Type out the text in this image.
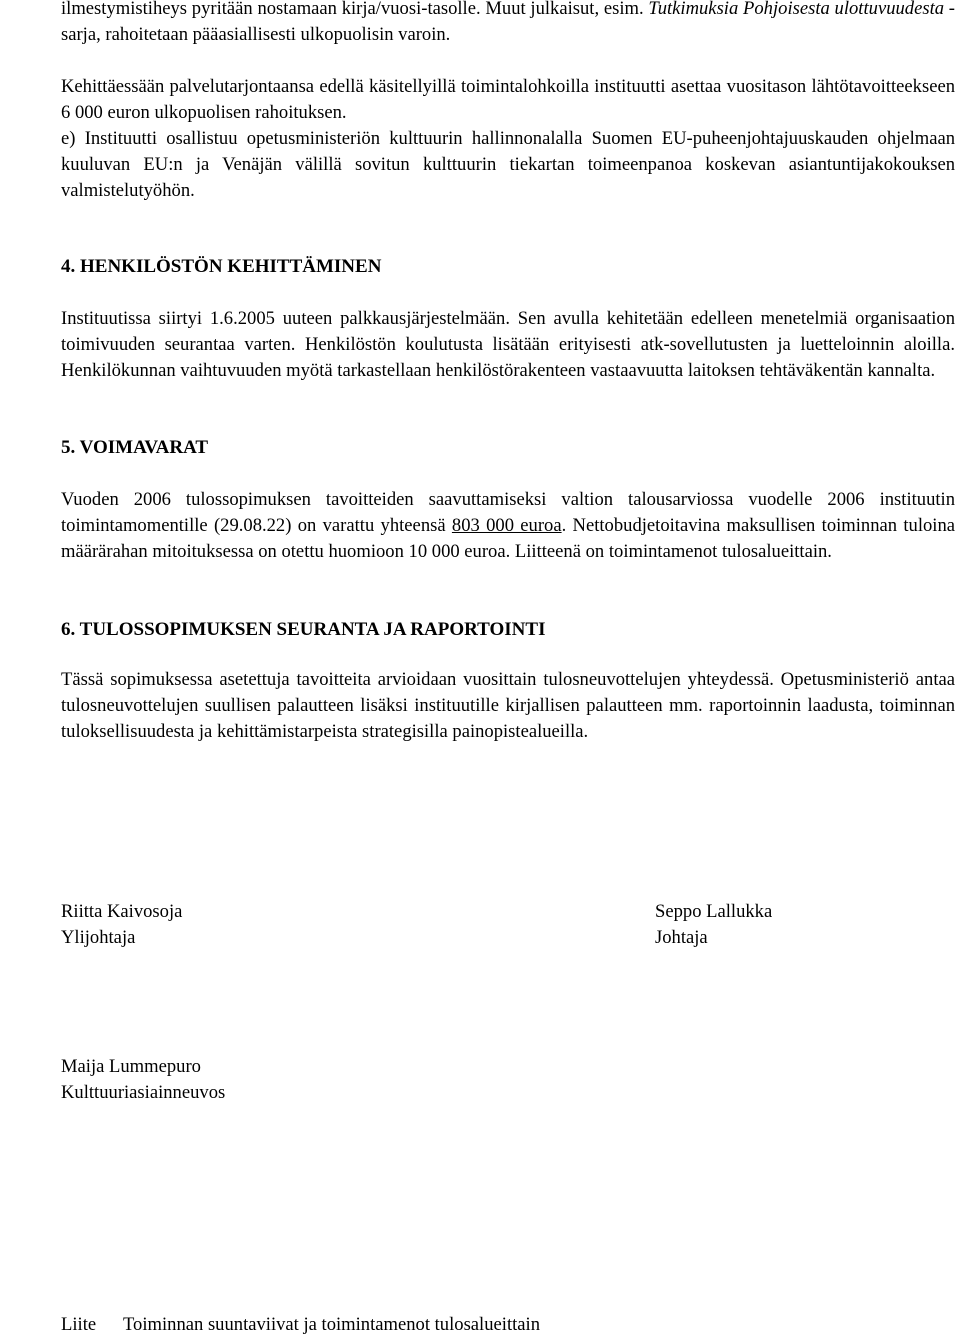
ilmestymistiheys pyritään nostamaan kirja/vuosi-tasolle. Muut julkaisut, esim. Tutkimuksia Pohjoisesta ulottuvuudesta -sarja, rahoitetaan pääasiallisesti ulkopuolisin varoin.
Kehittäessään palvelutarjontaansa edellä käsitellyillä toimintalohkoilla instituutti asettaa vuositason lähtötavoitteekseen 6 000 euron ulkopuolisen rahoituksen.
e) Instituutti osallistuu opetusministeriön kulttuurin hallinnonalalla Suomen EU-puheenjohtajuuskauden ohjelmaan kuuluvan EU:n ja Venäjän välillä sovitun kulttuurin tiekartan toimeenpanoa koskevan asiantuntijakokouksen valmistelutyöhön.
4. HENKILÖSTÖN KEHITTÄMINEN
Instituutissa siirtyi 1.6.2005 uuteen palkkausjärjestelmään. Sen avulla kehitetään edelleen menetelmiä organisaation toimivuuden seurantaa varten. Henkilöstön koulutusta lisätään erityisesti atk-sovellutusten ja luetteloinnin aloilla. Henkilökunnan vaihtuvuuden myötä tarkastellaan henkilöstörakenteen vastaavuutta laitoksen tehtäväkentän kannalta.
5. VOIMAVARAT
Vuoden 2006 tulossopimuksen tavoitteiden saavuttamiseksi valtion talousarviossa vuodelle 2006 instituutin toimintamomentille (29.08.22) on varattu yhteensä 803 000 euroa. Nettobudjetoitavina maksullisen toiminnan tuloina määrärahan mitoituksessa on otettu huomioon 10 000 euroa. Liitteenä on toimintamenot tulosalueittain.
6. TULOSSOPIMUKSEN SEURANTA JA RAPORTOINTI
Tässä sopimuksessa asetettuja tavoitteita arvioidaan vuosittain tulosneuvottelujen yhteydessä. Opetusministeriö antaa tulosneuvottelujen suullisen palautteen lisäksi instituutille kirjallisen palautteen mm. raportoinnin laadusta, toiminnan tuloksellisuudesta ja kehittämistarpeista strategisilla painopistealueilla.
Riitta Kaivosoja
Ylijohtaja
Seppo Lallukka
Johtaja
Maija Lummepuro
Kulttuuriasiainneuvos
Liite Toiminnan suuntaviivat ja toimintamenot tulosalueittain
